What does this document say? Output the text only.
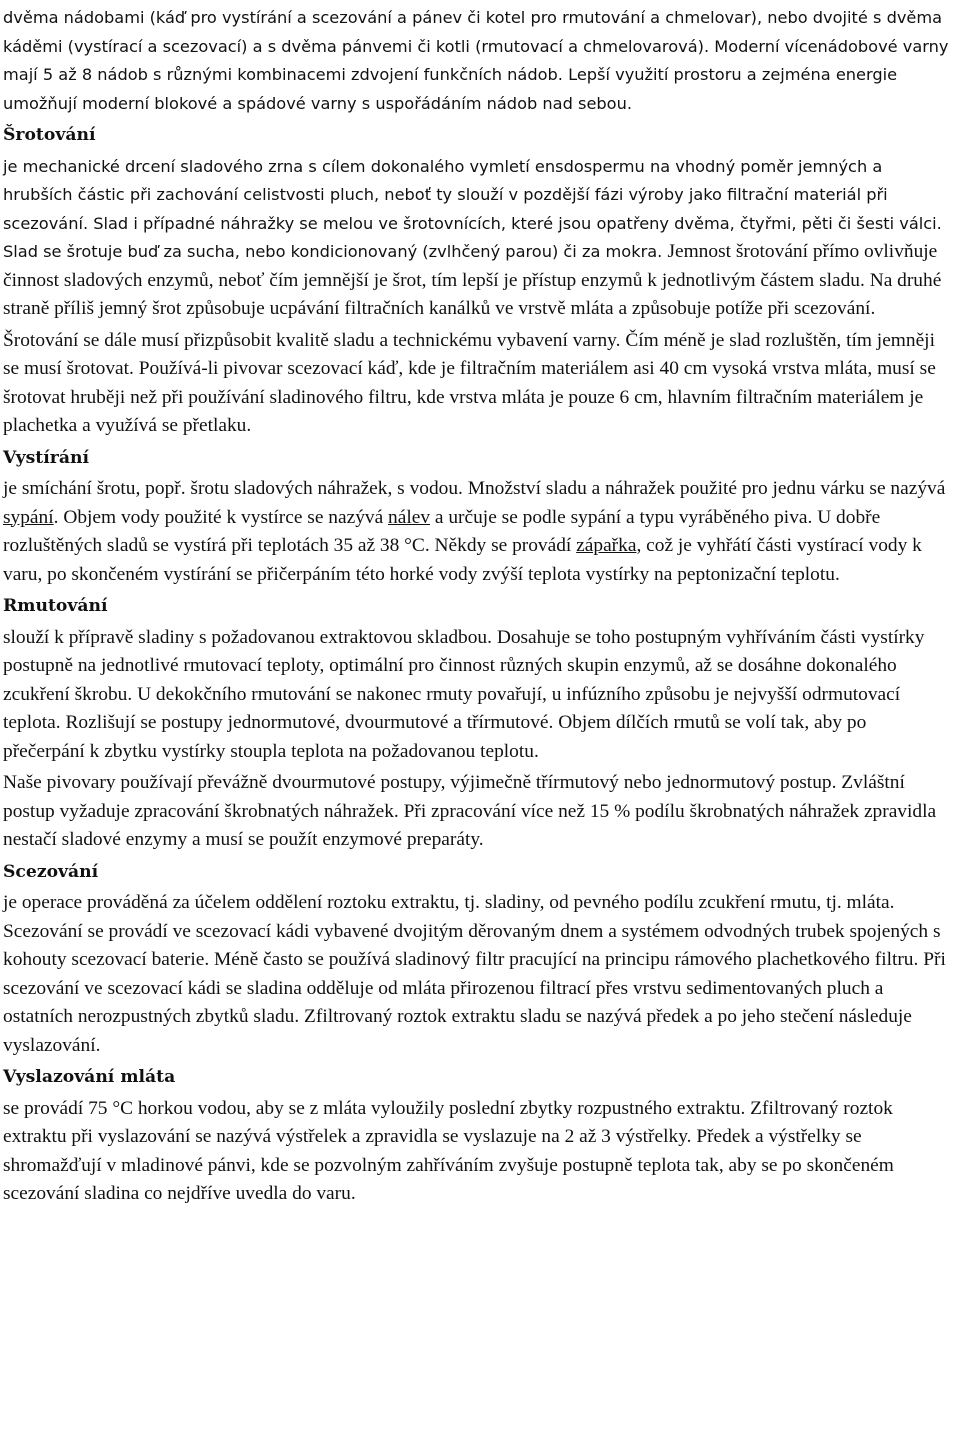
dvěma nádobami (káď pro vystírání a scezování a pánev či kotel pro rmutování a chmelovar), nebo dvojité s dvěma káděmi (vystírací a scezovací) a s dvěma pánvemi či kotli (rmutovací a chmelovarová). Moderní vícenádobové varny mají 5 až 8 nádob s různými kombinacemi zdvojení funkčních nádob. Lepší využití prostoru a zejména energie umožňují moderní blokové a spádové varny s uspořádáním nádob nad sebou.
Šrotování
je mechanické drcení sladového zrna s cílem dokonalého vymletí ensdospermu na vhodný poměr jemných a hrubších částic při zachování celistvosti pluch, neboť ty slouží v pozdější fázi výroby jako filtrační materiál při scezování. Slad i případné náhražky se melou ve šrotovnících, které jsou opatřeny dvěma, čtyřmi, pěti či šesti válci. Slad se šrotuje buď za sucha, nebo kondicionovaný (zvlhčený parou) či za mokra. Jemnost šrotování přímo ovlivňuje činnost sladových enzymů, neboť čím jemnější je šrot, tím lepší je přístup enzymů k jednotlivým částem sladu. Na druhé straně příliš jemný šrot způsobuje ucpávání filtračních kanálků ve vrstvě mláta a způsobuje potíže při scezování.
Šrotování se dále musí přizpůsobit kvalitě sladu a technickému vybavení varny. Čím méně je slad rozluštěn, tím jemněji se musí šrotovat. Používá-li pivovar scezovací káď, kde je filtračním materiálem asi 40 cm vysoká vrstva mláta, musí se šrotovat hruběji než při používání sladinového filtru, kde vrstva mláta je pouze 6 cm, hlavním filtračním materiálem je plachetka a využívá se přetlaku.
Vystírání
je smíchání šrotu, popř. šrotu sladových náhražek, s vodou. Množství sladu a náhražek použité pro jednu várku se nazývá sypání. Objem vody použité k vystírce se nazývá nálev a určuje se podle sypání a typu vyráběného piva. U dobře rozluštěných sladů se vystírá při teplotách 35 až 38 °C. Někdy se provádí zápařka, což je vyhřátí části vystírací vody k varu, po skončeném vystírání se přičerpáním této horké vody zvýší teplota vystírky na peptonizační teplotu.
Rmutování
slouží k přípravě sladiny s požadovanou extraktovou skladbou. Dosahuje se toho postupným vyhříváním části vystírky postupně na jednotlivé rmutovací teploty, optimální pro činnost různých skupin enzymů, až se dosáhne dokonalého zcukření škrobu. U dekokčního rmutování se nakonec rmuty povařují, u infúzního způsobu je nejvyšší odrmutovací teplota. Rozlišují se postupy jednormutové, dvourmutové a třírmutové. Objem dílčích rmutů se volí tak, aby po přečerpání k zbytku vystírky stoupla teplota na požadovanou teplotu.
Naše pivovary používají převážně dvourmutové postupy, výjimečně třírmutový nebo jednormutový postup. Zvláštní postup vyžaduje zpracování škrobnatých náhražek. Při zpracování více než 15 % podílu škrobnatých náhražek zpravidla nestačí sladové enzymy a musí se použít enzymové preparáty.
Scezování
je operace prováděná za účelem oddělení roztoku extraktu, tj. sladiny, od pevného podílu zcukření rmutu, tj. mláta. Scezování se provádí ve scezovací kádi vybavené dvojitým děrovaným dnem a systémem odvodných trubek spojených s kohouty scezovací baterie. Méně často se používá sladinový filtr pracující na principu rámového plachetkového filtru. Při scezování ve scezovací kádi se sladina odděluje od mláta přirozenou filtrací přes vrstvu sedimentovaných pluch a ostatních nerozpustných zbytků sladu. Zfiltrovaný roztok extraktu sladu se nazývá předek a po jeho stečení následuje vyslazování.
Vyslazování mláta
se provádí 75 °C horkou vodou, aby se z mláta vyloužily poslední zbytky rozpustného extraktu. Zfiltrovaný roztok extraktu při vyslazování se nazývá výstřelek a zpravidla se vyslazuje na 2 až 3 výstřelky. Předek a výstřelky se shromažďují v mladinové pánvi, kde se pozvolným zahříváním zvyšuje postupně teplota tak, aby se po skončeném scezování sladina co nejdříve uvedla do varu.
